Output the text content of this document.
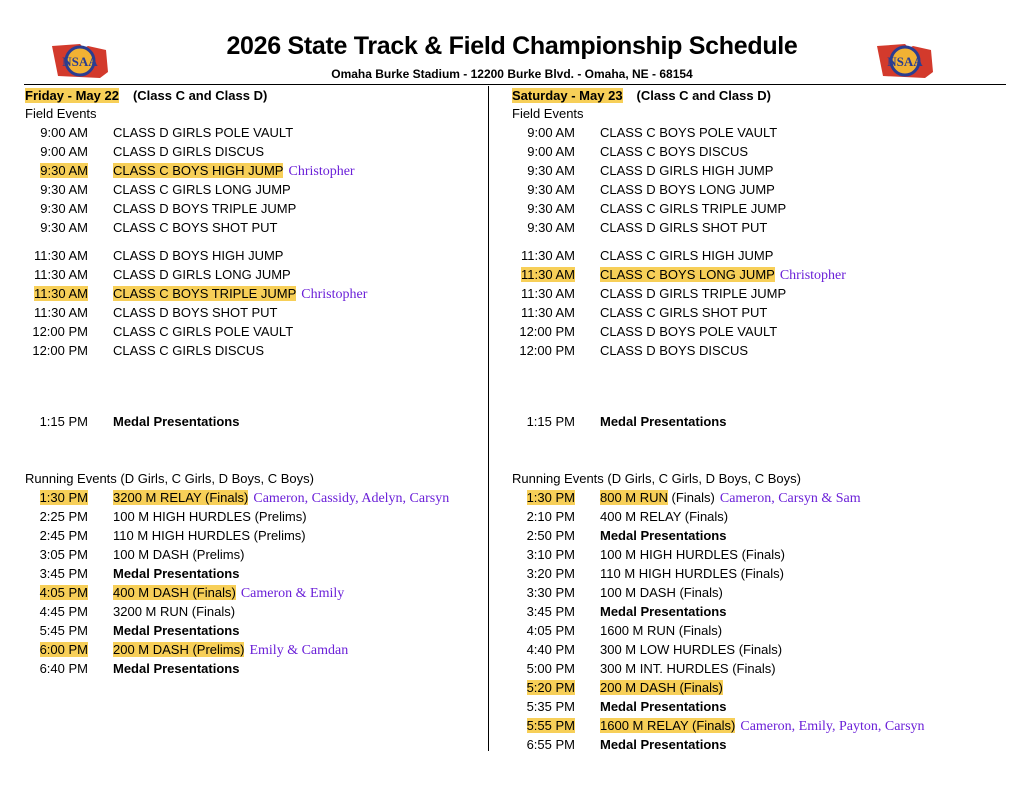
NSAA	NSAA
2026 State Track & Field Championship Schedule
Omaha Burke Stadium - 12200 Burke Blvd. - Omaha, NE - 68154
Friday - May 22 (Class C and Class D)
Field Events
9:00 AM CLASS D GIRLS POLE VAULT
9:00 AM CLASS D GIRLS DISCUS
9:30 AM CLASS C BOYS HIGH JUMP Christopher
9:30 AM CLASS C GIRLS LONG JUMP
9:30 AM CLASS D BOYS TRIPLE JUMP
9:30 AM CLASS C BOYS SHOT PUT
11:30 AM CLASS D BOYS HIGH JUMP
11:30 AM CLASS D GIRLS LONG JUMP
11:30 AM CLASS C BOYS TRIPLE JUMP Christopher
11:30 AM CLASS D BOYS SHOT PUT
12:00 PM CLASS C GIRLS POLE VAULT
12:00 PM CLASS C GIRLS DISCUS
1:15 PM Medal Presentations
Running Events (D Girls, C Girls, D Boys, C Boys)
1:30 PM 3200 M RELAY (Finals) Cameron, Cassidy, Adelyn, Carsyn
2:25 PM 100 M HIGH HURDLES (Prelims)
2:45 PM 110 M HIGH HURDLES (Prelims)
3:05 PM 100 M DASH (Prelims)
3:45 PM Medal Presentations
4:05 PM 400 M DASH (Finals) Cameron & Emily
4:45 PM 3200 M RUN (Finals)
5:45 PM Medal Presentations
6:00 PM 200 M DASH (Prelims) Emily & Camdan
6:40 PM Medal Presentations
Saturday - May 23 (Class C and Class D)
Field Events
9:00 AM CLASS C BOYS POLE VAULT
9:00 AM CLASS C BOYS DISCUS
9:30 AM CLASS D GIRLS HIGH JUMP
9:30 AM CLASS D BOYS LONG JUMP
9:30 AM CLASS C GIRLS TRIPLE JUMP
9:30 AM CLASS D GIRLS SHOT PUT
11:30 AM CLASS C GIRLS HIGH JUMP
11:30 AM CLASS C BOYS LONG JUMP Christopher
11:30 AM CLASS D GIRLS TRIPLE JUMP
11:30 AM CLASS C GIRLS SHOT PUT
12:00 PM CLASS D BOYS POLE VAULT
12:00 PM CLASS D BOYS DISCUS
1:15 PM Medal Presentations
Running Events (D Girls, C Girls, D Boys, C Boys)
1:30 PM 800 M RUN (Finals) Cameron, Carsyn & Sam
2:10 PM 400 M RELAY (Finals)
2:50 PM Medal Presentations
3:10 PM 100 M HIGH HURDLES (Finals)
3:20 PM 110 M HIGH HURDLES (Finals)
3:30 PM 100 M DASH (Finals)
3:45 PM Medal Presentations
4:05 PM 1600 M RUN (Finals)
4:40 PM 300 M LOW HURDLES (Finals)
5:00 PM 300 M INT. HURDLES (Finals)
5:20 PM 200 M DASH (Finals)
5:35 PM Medal Presentations
5:55 PM 1600 M RELAY (Finals) Cameron, Emily, Payton, Carsyn
6:55 PM Medal Presentations
